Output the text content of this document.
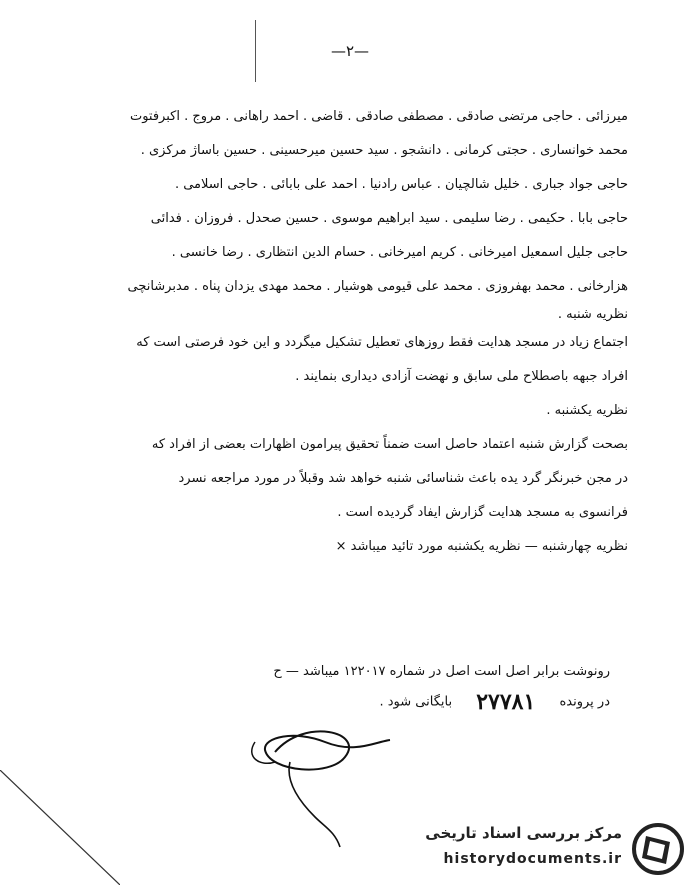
—۲—
میرزائی . حاجی مرتضی صادقی . مصطفی صادقی . قاضی . احمد راهانی . مروج . اکبرفتوت
محمد خوانساری . حجتی کرمانی . دانشجو . سید حسین میرحسینی . حسین باساژ مرکزی .
حاجی جواد جباری . خلیل شالچیان . عباس رادنیا . احمد علی بابائی . حاجی اسلامی .
حاجی بابا . حکیمی . رضا سلیمی . سید ابراهیم موسوی . حسین صحدل . فروزان . فدائی
حاجی جلیل اسمعیل امیرخانی . کریم امیرخانی . حسام الدین انتظاری . رضا خانسی .
هزارخانی . محمد بهفروزی . محمد علی قیومی هوشیار . محمد مهدی یزدان پناه . مدبرشانچی
نظریه شنبه .
اجتماع زیاد در مسجد هدایت فقط روزهای تعطیل تشکیل میگردد و این خود فرصتی است که
افراد جبهه باصطلاح ملی سابق و نهضت آزادی دیداری بنمایند .
نظریه یکشنبه .
بصحت گزارش شنبه اعتماد حاصل است ضمناً تحقیق پیرامون اظهارات بعضی از افراد که
در مجن خبرنگر گرد یده باعث شناسائی شنبه خواهد شد وقبلاً در مورد مراجعه نسرد
فرانسوی به مسجد هدایت گزارش ایفاد گردیده است .
نظریه چهارشنبه — نظریه یکشنبه مورد تائید میباشد ×
رونوشت برابر اصل است اصل در شماره ۱۲۲۰۱۷ میباشد — ح
در پرونده ۲۷۷۸۱ بایگانی شود .
مرکز بررسی اسناد تاریخی
historydocuments.ir
